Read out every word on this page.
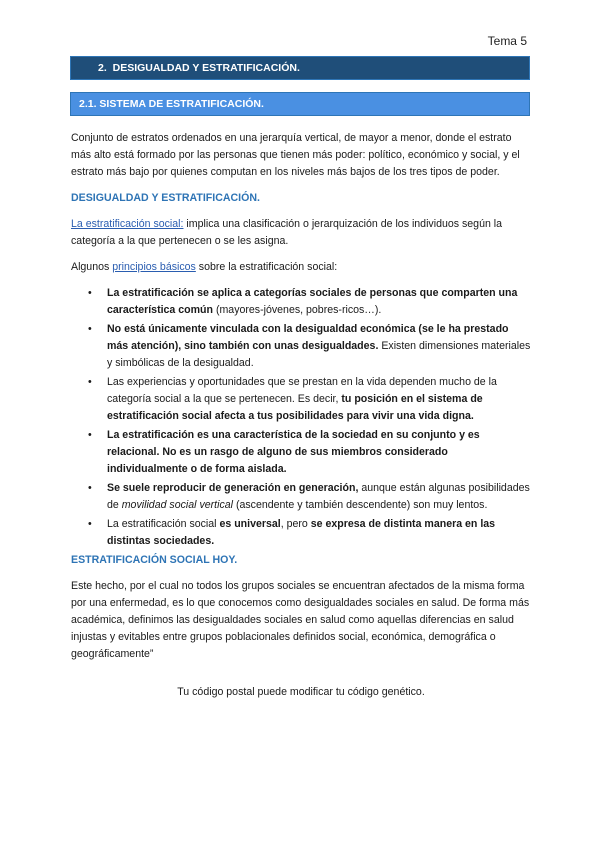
Tema 5
2. DESIGUALDAD Y ESTRATIFICACIÓN.
2.1. SISTEMA DE ESTRATIFICACIÓN.

Conjunto de estratos ordenados en una jerarquía vertical, de mayor a menor, donde el estrato más alto está formado por las personas que tienen más poder: político, económico y social, y el estrato más bajo por quienes computan en los niveles más bajos de los tres tipos de poder.

DESIGUALDAD Y ESTRATIFICACIÓN.

La estratificación social: implica una clasificación o jerarquización de los individuos según la categoría a la que pertenecen o se les asigna.

Algunos principios básicos sobre la estratificación social:

• La estratificación se aplica a categorías sociales de personas que comparten una característica común (mayores-jóvenes, pobres-ricos…).
• No está únicamente vinculada con la desigualdad económica (se le ha prestado más atención), sino también con unas desigualdades. Existen dimensiones materiales y simbólicas de la desigualdad.
• Las experiencias y oportunidades que se prestan en la vida dependen mucho de la categoría social a la que se pertenecen. Es decir, tu posición en el sistema de estratificación social afecta a tus posibilidades para vivir una vida digna.
• La estratificación es una característica de la sociedad en su conjunto y es relacional. No es un rasgo de alguno de sus miembros considerado individualmente o de forma aislada.
• Se suele reproducir de generación en generación, aunque están algunas posibilidades de movilidad social vertical (ascendente y también descendente) son muy lentos.
• La estratificación social es universal, pero se expresa de distinta manera en las distintas sociedades.
ESTRATIFICACIÓN SOCIAL HOY.

Este hecho, por el cual no todos los grupos sociales se encuentran afectados de la misma forma por una enfermedad, es lo que conocemos como desigualdades sociales en salud. De forma más académica, definimos las desigualdades sociales en salud como aquellas diferencias en salud injustas y evitables entre grupos poblacionales definidos social, económica, demográfica o geográficamente”

Tu código postal puede modificar tu código genético.
